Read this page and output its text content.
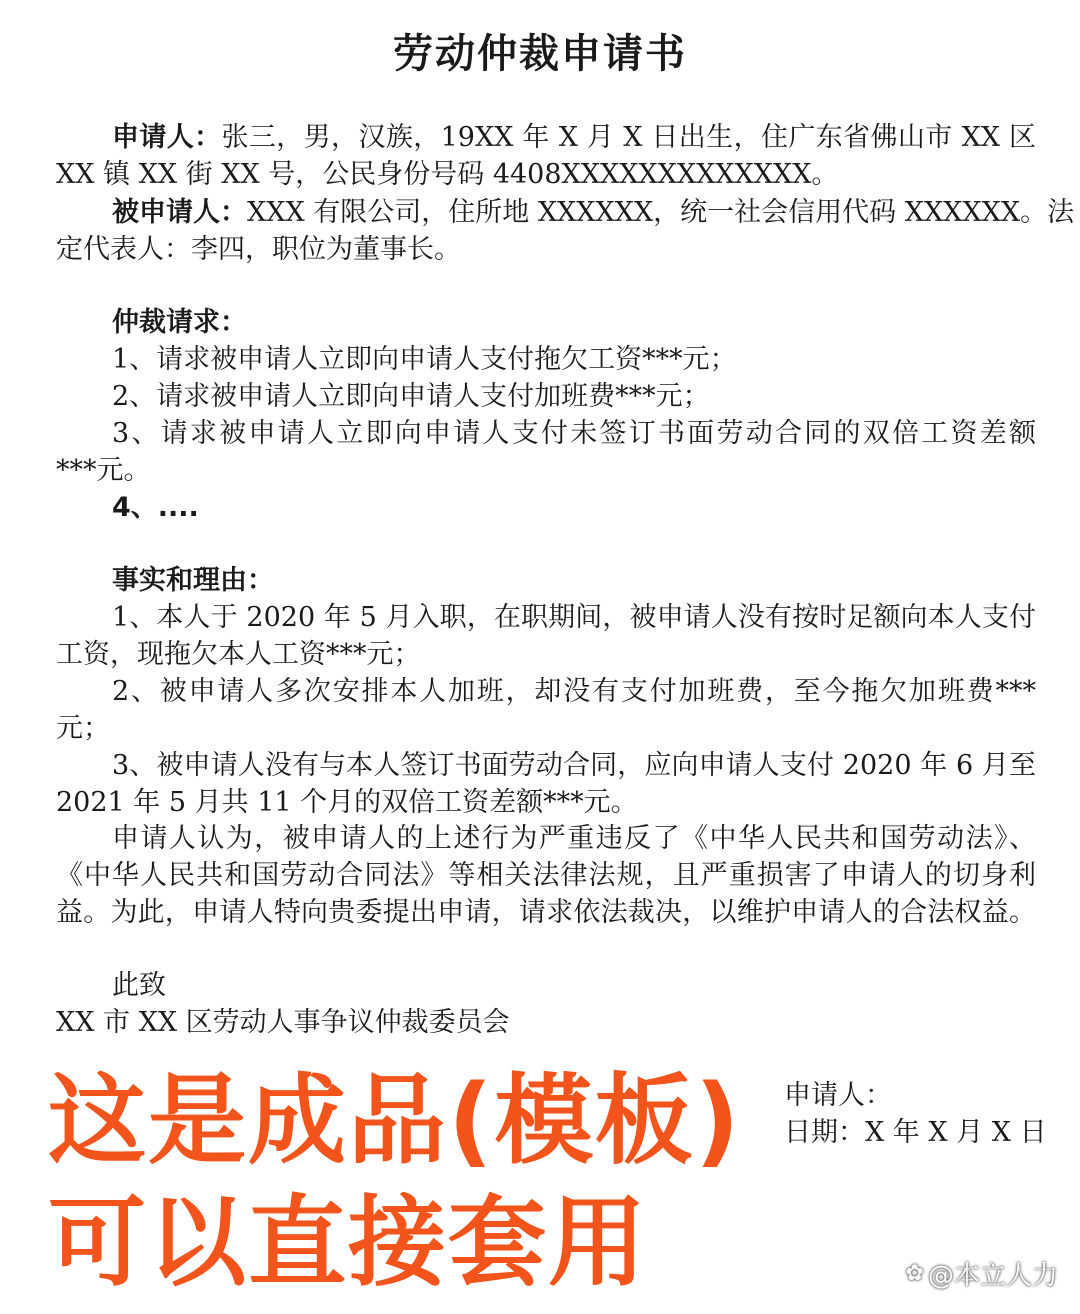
劳动仲裁申请书
申请人：张三，男，汉族，19XX 年 X 月 X 日出生，住广东省佛山市 XX 区
XX 镇 XX 街 XX 号，公民身份号码 4408XXXXXXXXXXXXX。
被申请人：XXX 有限公司，住所地 XXXXXX，统一社会信用代码 XXXXXX。法
定代表人：李四，职位为董事长。
仲裁请求：
1、请求被申请人立即向申请人支付拖欠工资***元；
2、请求被申请人立即向申请人支付加班费***元；
3、请求被申请人立即向申请人支付未签订书面劳动合同的双倍工资差额
***元。
4、....
事实和理由：
1、本人于 2020 年 5 月入职，在职期间，被申请人没有按时足额向本人支付
工资，现拖欠本人工资***元；
2、被申请人多次安排本人加班，却没有支付加班费，至今拖欠加班费***
元；
3、被申请人没有与本人签订书面劳动合同，应向申请人支付 2020 年 6 月至
2021 年 5 月共 11 个月的双倍工资差额***元。
申请人认为，被申请人的上述行为严重违反了《中华人民共和国劳动法》、
《中华人民共和国劳动合同法》等相关法律法规，且严重损害了申请人的切身利
益。为此，申请人特向贵委提出申请，请求依法裁决，以维护申请人的合法权益。
此致
XX 市 XX 区劳动人事争议仲裁委员会
申请人：
日期：X 年 X 月 X 日
这是成品(模板)
可以直接套用	✿ @本立人力
